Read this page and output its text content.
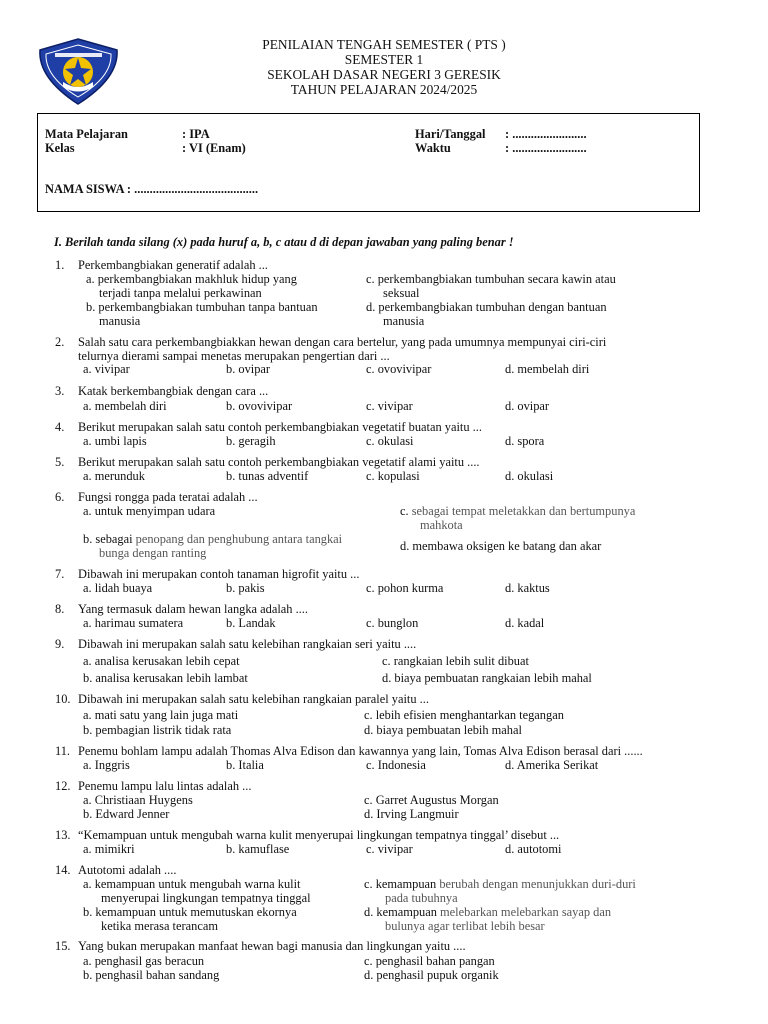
PENILAIAN TENGAH SEMESTER ( PTS )
SEMESTER 1
SEKOLAH DASAR NEGERI 3 GERESIK
TAHUN PELAJARAN 2024/2025
Mata Pelajaran	: IPA
Kelas	: VI (Enam)
Hari/Tanggal : ........................
Waktu	: ........................
NAMA SISWA : ........................................
I. Berilah tanda silang (x) pada huruf a, b, c atau d di depan jawaban yang paling benar !
1. Perkembangbiakan generatif adalah ...
a. perkembangbiakan makhluk hidup yang
terjadi tanpa melalui perkawinan
b. perkembangbiakan tumbuhan tanpa bantuan
manusia
c. perkembangbiakan tumbuhan secara kawin atau
seksual
d. perkembangbiakan tumbuhan dengan bantuan
manusia
2. Salah satu cara perkembangbiakkan hewan dengan cara bertelur, yang pada umumnya mempunyai ciri-ciri
telurnya dierami sampai menetas merupakan pengertian dari ...
a. vivipar	b. ovipar	c. ovovivipar	d. membelah diri
3. Katak berkembangbiak dengan cara ...
a. membelah diri	b. ovovivipar	c. vivipar	d. ovipar
4. Berikut merupakan salah satu contoh perkembangbiakan vegetatif buatan yaitu ...
a. umbi lapis	b. geragih	c. okulasi	d. spora
5. Berikut merupakan salah satu contoh perkembangbiakan vegetatif alami yaitu ....
a. merunduk	b. tunas adventif	c. kopulasi	d. okulasi
6. Fungsi rongga pada teratai adalah ...
a. untuk menyimpan udara
b. sebagai penopang dan penghubung antara tangkai
bunga dengan ranting
c. sebagai tempat meletakkan dan bertumpunya
mahkota
d. membawa oksigen ke batang dan akar
7. Dibawah ini merupakan contoh tanaman higrofit yaitu ...
a. lidah buaya	b. pakis	c. pohon kurma	d. kaktus
8. Yang termasuk dalam hewan langka adalah ....
a. harimau sumatera	b. Landak	c. bunglon	d. kadal
9. Dibawah ini merupakan salah satu kelebihan rangkaian seri yaitu ....
a. analisa kerusakan lebih cepat
b. analisa kerusakan lebih lambat
c. rangkaian lebih sulit dibuat
d. biaya pembuatan rangkaian lebih mahal
10. Dibawah ini merupakan salah satu kelebihan rangkaian paralel yaitu ...
a. mati satu yang lain juga mati
b. pembagian listrik tidak rata
c. lebih efisien menghantarkan tegangan
d. biaya pembuatan lebih mahal
11. Penemu bohlam lampu adalah Thomas Alva Edison dan kawannya yang lain, Tomas Alva Edison berasal dari ......
a. Inggris	b. Italia	c. Indonesia	d. Amerika Serikat
12. Penemu lampu lalu lintas adalah ...
a. Christiaan Huygens
b. Edward Jenner
c. Garret Augustus Morgan
d. Irving Langmuir
13. “Kemampuan untuk mengubah warna kulit menyerupai lingkungan tempatnya tinggal’ disebut ...
a. mimikri	b. kamuflase	c. vivipar	d. autotomi
14. Autotomi adalah ....
a. kemampuan untuk mengubah warna kulit
menyerupai lingkungan tempatnya tinggal
b. kemampuan untuk memutuskan ekornya
ketika merasa terancam
c. kemampuan berubah dengan menunjukkan duri-duri
pada tubuhnya
d. kemampuan melebarkan melebarkan sayap dan
bulunya agar terlibat lebih besar
15. Yang bukan merupakan manfaat hewan bagi manusia dan lingkungan yaitu ....
a. penghasil gas beracun
b. penghasil bahan sandang
c. penghasil bahan pangan
d. penghasil pupuk organik
